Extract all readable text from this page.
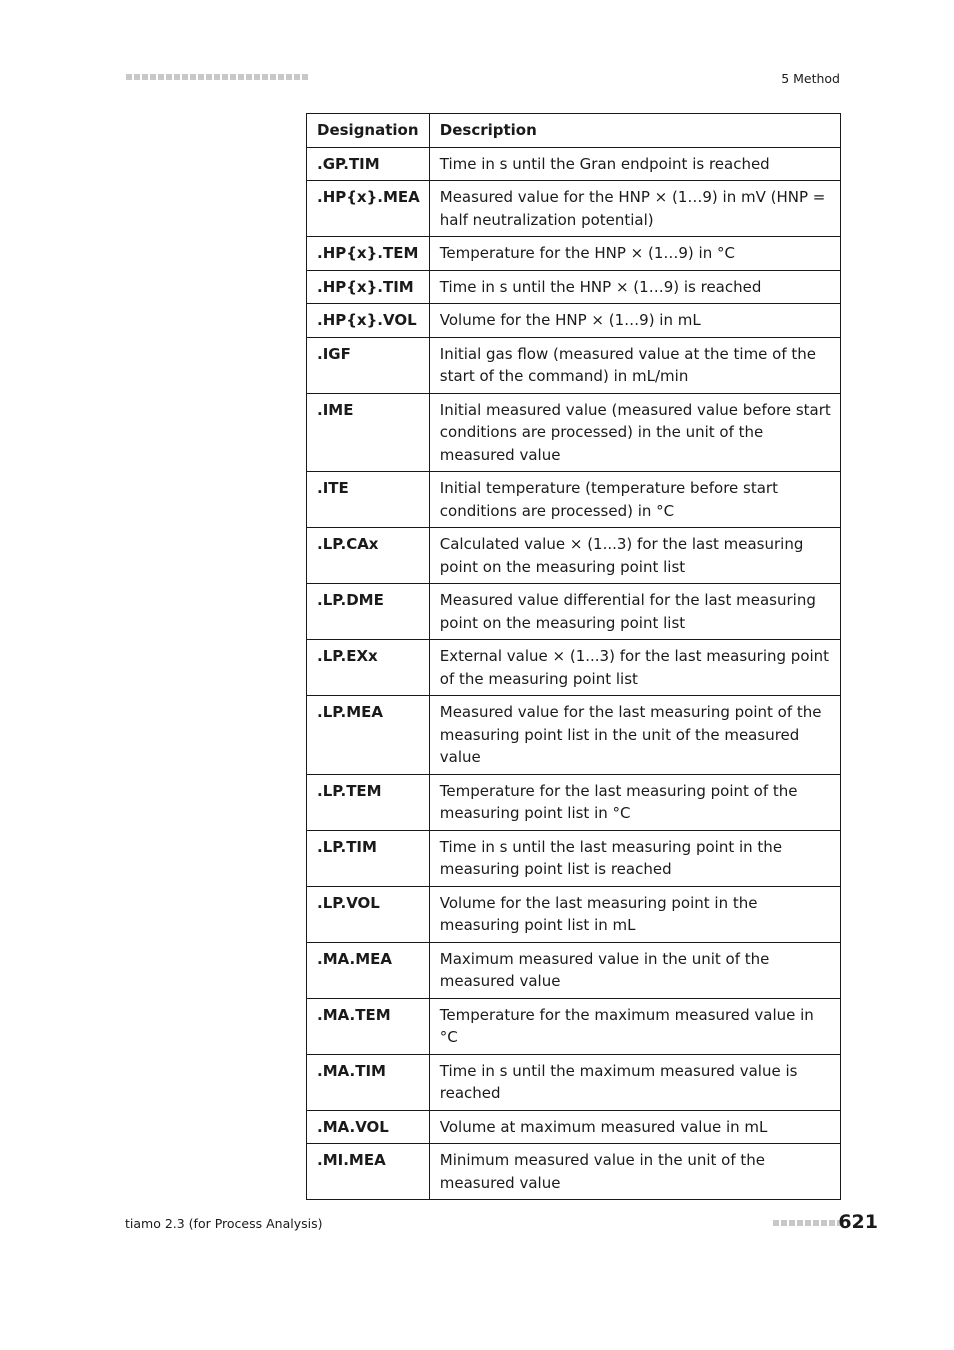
5 Method
Designation	Description
.GP.TIM	Time in s until the Gran endpoint is reached
.HP{x}.MEA	Measured value for the HNP × (1…9) in mV (HNP = half neutralization potential)
.HP{x}.TEM	Temperature for the HNP × (1…9) in °C
.HP{x}.TIM	Time in s until the HNP × (1…9) is reached
.HP{x}.VOL	Volume for the HNP × (1…9) in mL
.IGF	Initial gas flow (measured value at the time of the start of the command) in mL/min
.IME	Initial measured value (measured value before start conditions are processed) in the unit of the measured value
.ITE	Initial temperature (temperature before start conditions are processed) in °C
.LP.CAx	Calculated value × (1...3) for the last measuring point on the measuring point list
.LP.DME	Measured value differential for the last measuring point on the measuring point list
.LP.EXx	External value × (1...3) for the last measuring point of the measuring point list
.LP.MEA	Measured value for the last measuring point of the measuring point list in the unit of the measured value
.LP.TEM	Temperature for the last measuring point of the measuring point list in °C
.LP.TIM	Time in s until the last measuring point in the measuring point list is reached
.LP.VOL	Volume for the last measuring point in the measuring point list in mL
.MA.MEA	Maximum measured value in the unit of the measured value
.MA.TEM	Temperature for the maximum measured value in °C
.MA.TIM	Time in s until the maximum measured value is reached
.MA.VOL	Volume at maximum measured value in mL
.MI.MEA	Minimum measured value in the unit of the measured value
tiamo 2.3 (for Process Analysis)	621
